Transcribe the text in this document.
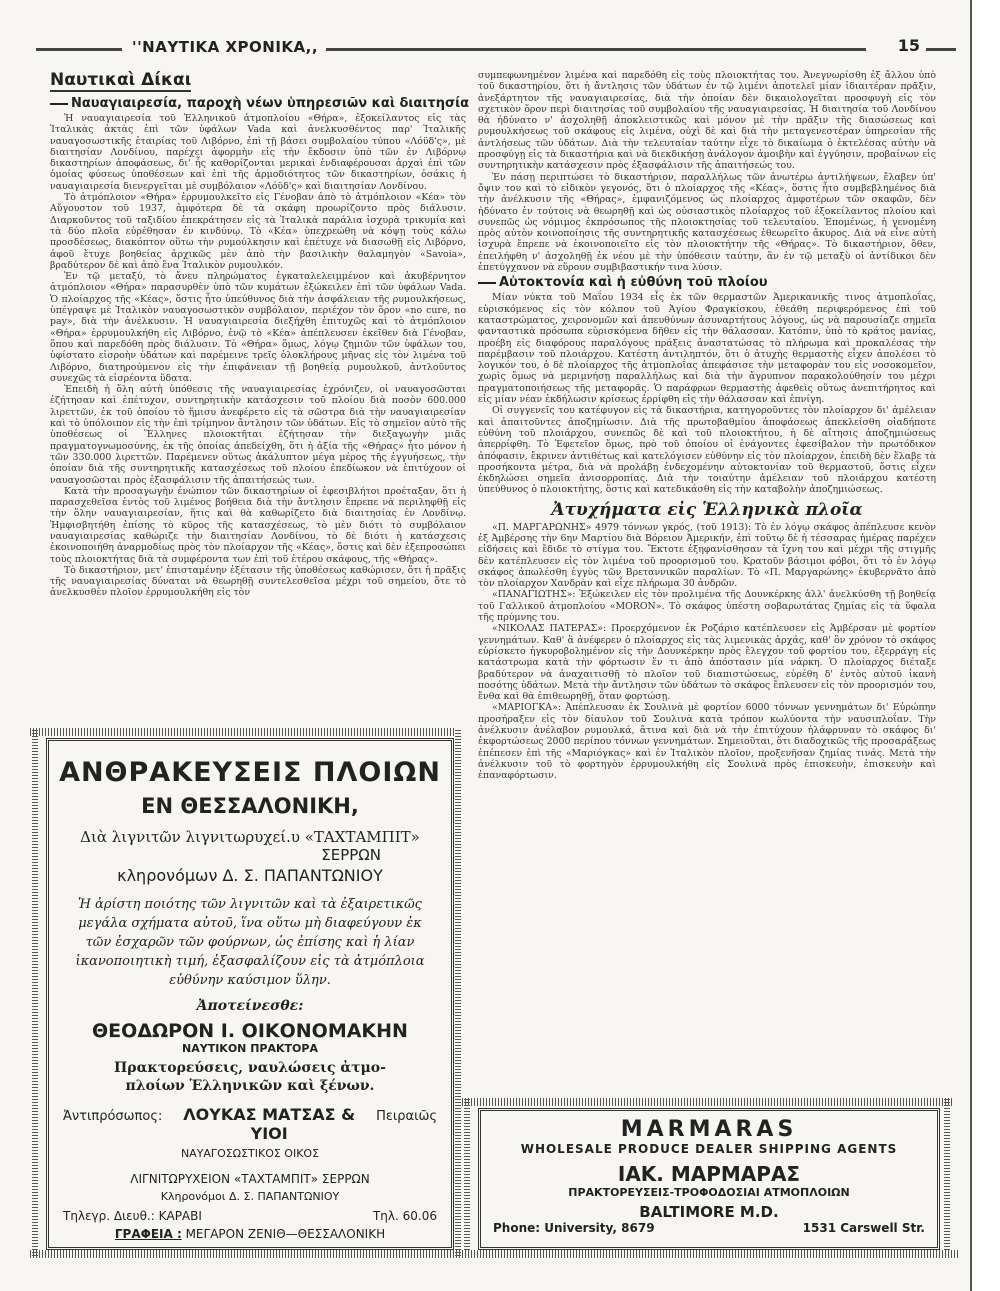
''ΝΑΥΤΙΚΑ ΧΡΟΝΙΚΑ,,	15
Ναυτικαὶ Δίκαι
Ναυαγιαιρεσία, παροχὴ νέων ὑπηρεσιῶν καὶ διαιτησία

Ἡ ναυαγιαιρεσία τοῦ Ἑλληνικοῦ ἀτμοπλοίου «Θήρα», ἐξοκείλαντος εἰς τὰς Ἰταλικὰς ἀκτὰς ἐπὶ τῶν ὑφάλων Vada καὶ ἀνελκυσθέντος παρ' Ἰταλικῆς ναυαγοσωστικῆς ἑταιρίας τοῦ Λιβόρνο, ἐπὶ τῇ βάσει συμβολαίου τύπου «Λόϋδ'ς», μὲ διαιτησίαν Λονδίνου, παρέχει ἀφορμὴν εἰς τὴν ἔκδοσιν ὑπὸ τῶν ἐν Λιβόρνῳ δικαστηρίων ἀποφάσεως, δι' ἧς καθορίζονται μερικαὶ ἐνδιαφέρουσαι ἀρχαὶ ἐπὶ τῶν ὁμοίας φύσεως ὑποθέσεων καὶ ἐπὶ τῆς ἁρμοδιότητος τῶν δικαστηρίων, ὁσάκις ἡ ναυαγιαιρεσία διενεργεῖται μὲ συμβόλαιον «Λόϋδ'ς» καὶ διαιτησίαν Λονδίνου.

Τὸ ἀτμόπλοιον «Θήρα» ἐρρυμουλκεῖτο εἰς Γένοβαν ἀπὸ τὸ ἀτμόπλοιον «Κέα» τὸν Αὔγουστον τοῦ 1937, ἀμφότερα δὲ τὰ σκάφη προωρίζοντο πρὸς διάλυσιν. Διαρκοῦντος τοῦ ταξιδίου ἐπεκράτησεν εἰς τὰ Ἰταλικὰ παράλια ἰσχυρὰ τρικυμία καὶ τὰ δύο πλοῖα εὑρέθησαν ἐν κινδύνῳ. Τὸ «Κέα» ὑπεχρεώθη νὰ κόψῃ τοὺς κάλω προσδέσεως, διακόπτον οὕτω τὴν ρυμούλκησιν καὶ ἐπέτυχε νὰ διασωθῇ εἰς Λιβόρνο, ἀφοῦ ἔτυχε βοηθείας ἀρχικῶς μὲν ἀπὸ τὴν βασιλικὴν θαλαμηγὸν «Savoia», βραδύτερον δὲ καὶ ἀπὸ ἕνα Ἰταλικὸν ρυμουλκόν.

Ἐν τῷ μεταξύ, τὸ ἄνευ πληρώματος ἐγκαταλελειμμένον καὶ ἀκυβέρνητον ἀτμόπλοιον «Θήρα» παρασυρθὲν ὑπὸ τῶν κυμάτων ἐξώκειλεν ἐπὶ τῶν ὑφάλων Vada. Ὁ πλοίαρχος τῆς «Κέας», ὅστις ἦτο ὑπεύθυνος διὰ τὴν ἀσφάλειαν τῆς ρυμουλκήσεως, ὑπέγραψε μὲ Ἰταλικὸν ναυαγοσωστικὸν συμβόλαιον, περιέχον τὸν ὅρον «no cure, no pay», διὰ τὴν ἀνέλκυσιν. Ἡ ναυαγιαιρεσία διεξήχθη ἐπιτυχῶς καὶ τὸ ἀτμόπλοιον «Θήρα» ἐρρυμουλκήθη εἰς Λιβόρνο, ἐνῷ τὸ «Κέα» ἀπέπλευσεν ἐκεῖθεν διὰ Γένοβαν, ὅπου καὶ παρεδόθη πρὸς διάλυσιν. Τὸ «Θήρα» ὅμως, λόγῳ ζημιῶν τῶν ὑφάλων του, ὑφίστατο εἰσροὴν ὑδάτων καὶ παρέμεινε τρεῖς ὁλοκλήρους μῆνας εἰς τὸν λιμένα τοῦ Λιβόρνο, διατηρούμενον εἰς τὴν ἐπιφάνειαν τῇ βοηθείᾳ ρυμουλκοῦ, ἀντλοῦντος συνεχῶς τὰ εἰσρέοντα ὕδατα.

Ἐπειδὴ ἡ ὅλη αὐτὴ ὑπόθεσις τῆς ναυαγιαιρεσίας ἐχρόνιζεν, οἱ ναυαγοσῶσται ἐζήτησαν καὶ ἐπέτυχον, συντηρητικὴν κατάσχεσιν τοῦ πλοίου διὰ ποσὸν 600.000 λιρεττῶν, ἐκ τοῦ ὁποίου τὸ ἥμισυ ἀνεφέρετο εἰς τὰ σῶστρα διὰ τὴν ναυαγιαιρεσίαν καὶ τὸ ὑπόλοιπον εἰς τὴν ἐπὶ τρίμηνον ἄντλησιν τῶν ὑδάτων. Εἰς τὸ σημεῖον αὐτὸ τῆς ὑποθέσεως οἱ Ἕλληνες πλοιοκτῆται ἐζήτησαν τὴν διεξαγωγὴν μιᾶς πραγματογνωμοσύνης, ἐκ τῆς ὁποίας ἀπεδείχθη, ὅτι ἡ ἀξία τῆς «Θήρας» ἦτο μόνον ἡ τῶν 330.000 λιρεττῶν. Παρέμενεν οὕτως ἀκάλυπτον μέγα μέρος τῆς ἐγγυήσεως, τὴν ὁποίαν διὰ τῆς συντηρητικῆς κατασχέσεως τοῦ πλοίου ἐπεδίωκον νὰ ἐπιτύχουν οἱ ναυαγοσῶσται πρὸς ἐξασφάλισιν τῆς ἀπαιτήσεώς των.

Κατὰ τὴν προσαγωγὴν ἐνώπιον τῶν δικαστηρίων οἱ ἐφεσιβλήτοι προέταξαν, ὅτι ἡ παρασχεθεῖσα ἐντὸς τοῦ λιμένος βοήθεια διὰ τὴν ἄντλησιν ἔπρεπε νὰ περιληφθῇ εἰς τὴν ὅλην ναυαγιαιρεσίαν, ἥτις καὶ θὰ καθωρίζετο διὰ διαιτησίας ἐν Λονδίνῳ. Ἠμφισβητήθη ἐπίσης τὸ κῦρος τῆς κατασχέσεως, τὸ μὲν διότι τὸ συμβόλαιον ναυαγιαιρεσίας καθώριζε τὴν διαιτησίαν Λονδίνου, τὸ δὲ διότι ἡ κατάσχεσις ἐκοινοποιήθη ἀναρμοδίως πρὸς τὸν πλοίαρχον τῆς «Κέας», ὅστις καὶ δὲν ἐξεπροσώπει τοὺς πλοιοκτήτας διὰ τὰ συμφέροντα των ἐπὶ τοῦ ἑτέρου σκάφους, τῆς «Θήρας».

Τὸ δικαστήριον, μετ' ἐπισταμένην ἐξέτασιν τῆς ὑποθέσεως καθώρισεν, ὅτι ἡ πρᾶξις τῆς ναυαγιαιρεσίας δύναται νὰ θεωρηθῇ συντελεσθεῖσα μέχρι τοῦ σημείου, ὅτε τὸ ἀνελκυσθὲν πλοῖον ἐρρυμουλκήθη εἰς τὸν

συμπεφωνημένον λιμένα καὶ παρεδόθη εἰς τοὺς πλοιοκτήτας του. Ἀνεγνωρίσθη ἐξ ἄλλου ὑπὸ τοῦ δικαστηρίου, ὅτι ἡ ἄντλησις τῶν ὑδάτων ἐν τῷ λιμένι ἀποτελεῖ μίαν ἰδιαιτέραν πρᾶξιν, ἀνεξάρτητον τῆς ναυαγιαιρεσίας, διὰ τὴν ὁποίαν δὲν δικαιολογεῖται προσφυγὴ εἰς τὸν σχετικὸν ὅρον περὶ διαιτησίας τοῦ συμβολαίου τῆς ναυαγιαιρεσίας. Ἡ διαιτησία τοῦ Λονδίνου θὰ ἠδύνατο ν' ἀσχοληθῇ ἀποκλειστικῶς καὶ μόνον μὲ τὴν πρᾶξιν τῆς διασώσεως καὶ ρυμουλκήσεως τοῦ σκάφους εἰς λιμένα, οὐχὶ δὲ καὶ διὰ τὴν μεταγενεστέραν ὑπηρεσίαν τῆς ἀντλήσεως τῶν ὑδάτων. Διὰ τὴν τελευταίαν ταύτην εἶχε τὸ δικαίωμα ὁ ἐκτελέσας αὐτὴν νὰ προσφύγῃ εἰς τὰ δικαστήρια καὶ νὰ διεκδικήσῃ ἀνάλογον ἀμοιβὴν καὶ ἐγγύησιν, προβαίνων εἰς συντηρητικὴν κατάσχεσιν πρὸς ἐξασφάλισιν τῆς ἀπαιτήσεώς του.

Ἐν πάσῃ περιπτώσει τὸ δικαστήριον, παραλλήλως τῶν ἀνωτέρω ἀντιλήψεων, ἔλαβεν ὑπ' ὄψιν του καὶ τὸ εἰδικὸν γεγονός, ὅτι ὁ πλοίαρχος τῆς «Κέας», ὅστις ἦτο συμβεβλημένος διὰ τὴν ἀνέλκυσιν τῆς «Θήρας», ἐμφανιζόμενος ὡς πλοίαρχος ἀμφοτέρων τῶν σκαφῶν, δὲν ἠδύνατο ἐν τούτοις νὰ θεωρηθῇ καὶ ὡς οὐσιαστικὸς πλοίαρχος τοῦ ἐξοκείλαντος πλοίου καὶ συνεπῶς ὡς νόμιμος ἐκπρόσωπος τῆς πλοιοκτησίας τοῦ τελευταίου. Ἐπομένως, ἡ γενομένη πρὸς αὐτὸν κοινοποίησις τῆς συντηρητικῆς κατασχέσεως ἐθεωρεῖτο ἄκυρος. Διὰ νὰ εἶνε αὐτὴ ἰσχυρὰ ἔπρεπε νὰ ἐκοινοποιεῖτο εἰς τὸν πλοιοκτήτην τῆς «Θήρας». Τὸ δικαστήριον, ὅθεν, ἐπειλήφθη ν' ἀσχοληθῇ ἐκ νέου μὲ τὴν ὑπόθεσιν ταύτην, ἂν ἐν τῷ μεταξὺ οἱ ἀντίδικοι δὲν ἐπετύγχανον νὰ εὕρουν συμβιβαστικήν τινα λύσιν.

Αὐτοκτονία καὶ ἡ εὐθύνη τοῦ πλοίου

Μίαν νύκτα τοῦ Μαΐου 1934 εἷς ἐκ τῶν θερμαστῶν Ἀμερικανικῆς τινος ἀτμοπλοΐας, εὑρισκόμενος εἰς τὸν κόλπον τοῦ Ἁγίου Φραγκίσκου, ἐθεάθη περιφερόμενος ἐπὶ τοῦ καταστρώματος, χειρονομῶν καὶ ἀπευθύνων ἀσυναρτήτους λόγους, ὡς νὰ παρουσίαζε σημεῖα φανταστικὰ πρόσωπα εὑρισκόμενα δῆθεν εἰς τὴν θάλασσαν. Κατόπιν, ὑπὸ τὸ κράτος μανίας, προέβη εἰς διαφόρους παραλόγους πράξεις ἀναστατώσας τὸ πλήρωμα καὶ προκαλέσας τὴν παρέμβασιν τοῦ πλοιάρχου. Κατέστη ἀντιληπτόν, ὅτι ὁ ἀτυχὴς θερμαστὴς εἶχεν ἀπολέσει τὸ λογικόν του, ὁ δὲ πλοίαρχος τῆς ἀτμοπλοΐας ἀπεφάσισε τὴν μεταφορὰν του εἰς νοσοκομεῖον, χωρὶς ὅμως νὰ μεριμνήσῃ παραλλήλως καὶ διὰ τὴν ἄγρυπνον παρακολούθησίν του μέχρι πραγματοποιήσεως τῆς μεταφορᾶς. Ὁ παράφρων θερμαστὴς ἀφεθεὶς οὕτως ἀνεπιτήρητος καὶ εἰς μίαν νέαν ἐκδήλωσιν κρίσεως ἐρρίφθη εἰς τὴν θάλασσαν καὶ ἐπνίγη.

Οἱ συγγενεῖς του κατέφυγον εἰς τὰ δικαστήρια, κατηγοροῦντες τὸν πλοίαρχον δι' ἀμέλειαν καὶ ἀπαιτοῦντες ἀποζημίωσιν. Διὰ τῆς πρωτοβαθμίου ἀποφάσεως ἀπεκλείσθη οἱαδήποτε εὐθύνη τοῦ πλοιάρχου, συνεπῶς δὲ καὶ τοῦ πλοιοκτήτου, ἡ δὲ αἴτησις ἀποζημιώσεως ἀπερρίφθη. Τὸ Ἐφετεῖον ὅμως, πρὸ τοῦ ὁποίου οἱ ἐνάγοντες ἐφεσίβαλον τὴν πρωτόδικον ἀπόφασιν, ἔκρινεν ἀντιθέτως καὶ κατελόγισεν εὐθύνην εἰς τὸν πλοίαρχον, ἐπειδὴ δὲν ἔλαβε τὰ προσήκοντα μέτρα, διὰ νὰ προλάβῃ ἐνδεχομένην αὐτοκτονίαν τοῦ θερμαστοῦ, ὅστις εἶχεν ἐκδηλώσει σημεῖα ἀνισορροπίας. Διὰ τὴν τοιαύτην ἀμέλειαν τοῦ πλοιάρχου κατέστη ὑπεύθυνος ὁ πλοιοκτήτης, ὅστις καὶ κατεδικάσθη εἰς τὴν καταβολὴν ἀποζημιώσεως.

Ἀτυχήματα εἰς Ἑλληνικὰ πλοῖα

«Π. ΜΑΡΓΑΡΩΝΗΣ» 4979 τόννων γκρός, (τοῦ 1913): Τὸ ἐν λόγῳ σκάφος ἀπέπλευσε κενὸν ἐξ Ἀμβέρσης τὴν 6ην Μαρτίου διὰ Βόρειον Ἀμερικήν, ἐπὶ τοῦτῳ δὲ ἡ τέσσαρας ἡμέρας παρέχεν εἰδήσεις καὶ ἔδιδε τὸ στίγμα του. Ἔκτοτε ἐξηφανίσθησαν τὰ ἴχνη του καὶ μέχρι τῆς στιγμῆς δὲν κατέπλευσεν εἰς τὸν λιμένα τοῦ προορισμοῦ του. Κρατοῦν βάσιμοι φόβοι, ὅτι τὸ ἐν λόγῳ σκάφος ἀπωλέσθη ἐγγὺς τῶν Βρεταννικῶν παραλίων. Τὸ «Π. Μαργαρώνης» ἐκυβερνᾶτο ἀπὸ τὸν πλοίαρχον Χανδρὰν καὶ εἶχε πλήρωμα 30 ἀνδρῶν.

«ΠΑΝΑΓΙΩΤΗΣ»: Ἐξώκειλεν εἰς τὸν προλιμένα τῆς Δουνκέρκης ἀλλ' ἀνελκύσθη τῇ βοηθείᾳ τοῦ Γαλλικοῦ ἀτμοπλοίου «MORON». Τὸ σκάφος ὑπέστη σοβαρωτάτας ζημίας εἰς τὰ ὕφαλα τῆς πρύμνης του.

«ΝΙΚΟΛΑΣ ΠΑΤΕΡΑΣ»: Προερχόμενον ἐκ Ροζάριο κατέπλευσεν εἰς Ἀμβέρσαν μὲ φορτίον γεννημάτων. Καθ' ἃ ἀνέφερεν ὁ πλοίαρχος εἰς τὰς λιμενικὰς ἀρχάς, καθ' ὃν χρόνον τὸ σκάφος εὑρίσκετο ἠγκυροβολημένον εἰς τὴν Δουνκέρκην πρὸς ἔλεγχον τοῦ φορτίου του, ἐξερράγη εἰς κατάστρωμα κατὰ τὴν φόρτωσιν ἕν τι ἀπὸ ἀπόστασιν μία νάρκη. Ὁ πλοίαρχος διέταξε βραδύτερον νὰ ἀναχαιτισθῇ τὸ πλοῖον τοῦ διαπιστώσεως, εὑρέθη δ' ἐντὸς αὐτοῦ ἱκανὴ ποσότης ὑδάτων. Μετὰ τὴν ἄντλησιν τῶν ὑδάτων τὸ σκάφος ἔπλευσεν εἰς τὸν προορισμόν του, ἔνθα καὶ θὰ ἐπιθεωρηθῇ, ὅταν φορτώσῃ.

«ΜΑΡΙΟΓΚΑ»: Ἀπέπλευσαν ἐκ Σουλινὰ μὲ φορτίον 6000 τόννων γεννημάτων δι' Εὐρώπην προσήραξεν εἰς τὸν δίαυλον τοῦ Σουλινὰ κατὰ τρόπον κωλύοντα τὴν ναυσιπλοΐαν. Τὴν ἀνέλκυσιν ἀνέλαβον ρυμουλκά, ἅτινα καὶ διὰ νὰ τὴν ἐπιτύχουν ἠλάφρυναν τὸ σκάφος δι' ἐκφορτώσεως 2000 περίπου τόννων γεννημάτων. Σημειοῦται, ὅτι διαδοχικῶς τῆς προσαράξεως ἐπέπεσεν ἐπὶ τῆς «Μαριόγκας» καὶ ἐν Ἰταλικὸν πλοῖον, προξενῆσαν ζημίας τινάς. Μετὰ τὴν ἀνέλκυσιν τοῦ τὸ φορτηγὸν ἐρρυμουλκήθη εἰς Σουλινὰ πρὸς ἐπισκευὴν, ἐπισκευὴν καὶ ἐπαναφόρτωσιν.

ΑΝΘΡΑΚΕΥΣΕΙΣ ΠΛΟΙΩΝ
ΕΝ ΘΕΣΣΑΛΟΝΙΚΗ,
Διὰ λιγνιτῶν λιγνιτωρυχεί.υ «ΤΑΧΤΑΜΠΙΤ»
ΣΕΡΡΩΝ
κληρονόμων Δ. Σ. ΠΑΠΑΝΤΩΝΙΟΥ
Ἡ ἀρίστη ποιότης τῶν λιγνιτῶν καὶ τὰ ἐξαιρετικῶς μεγάλα σχήματα αὐτοῦ, ἵνα οὕτω μὴ διαφεύγουν ἐκ τῶν ἐσχαρῶν τῶν φούρνων, ὡς ἐπίσης καὶ ἡ λίαν ἱκανοποιητικὴ τιμή, ἐξασφαλίζουν εἰς τὰ ἀτμόπλοια εὐθύνην καύσιμον ὕλην.
Ἀποτείνεσθε:
ΘΕΟΔΩΡΟΝ Ι. ΟΙΚΟΝΟΜΑΚΗΝ
ΝΑΥΤΙΚΟΝ ΠΡΑΚΤΟΡΑ
Πρακτορεύσεις, ναυλώσεις ἀτμο-
πλοίων Ἑλληνικῶν καὶ ξένων.
Ἀντιπρόσωπος:	ΛΟΥΚΑΣ ΜΑΤΣΑΣ & ΥΙΟΙ
Πειραιῶς
ΝΑΥΑΓΟΣΩΣΤΙΚΟΣ ΟΙΚΟΣ
ΛΙΓΝΙΤΩΡΥΧΕΙΟΝ «ΤΑΧΤΑΜΠΙΤ» ΣΕΡΡΩΝ
Κληρονόμοι Δ. Σ. ΠΑΠΑΝΤΩΝΙΟΥ
Τηλεγρ. Διευθ.: ΚΑΡΑΒΙ	Τηλ. 60.06
ΓΡΑΦΕΙΑ : ΜΕΓΑΡΟΝ ΖΕΝΙΘ—ΘΕΣΣΑΛΟΝΙΚΗ
MARMARAS
WHOLESALE PRODUCE DEALER SHIPPING AGENTS
ΙΑΚ. ΜΑΡΜΑΡΑΣ
ΠΡΑΚΤΟΡΕΥΣΕΙΣ-ΤΡΟΦΟΔΟΣΙΑΙ ΑΤΜΟΠΛΟΙΩΝ
BALTIMORE M.D.
Phone: University, 8679	1531 Carswell Str.
